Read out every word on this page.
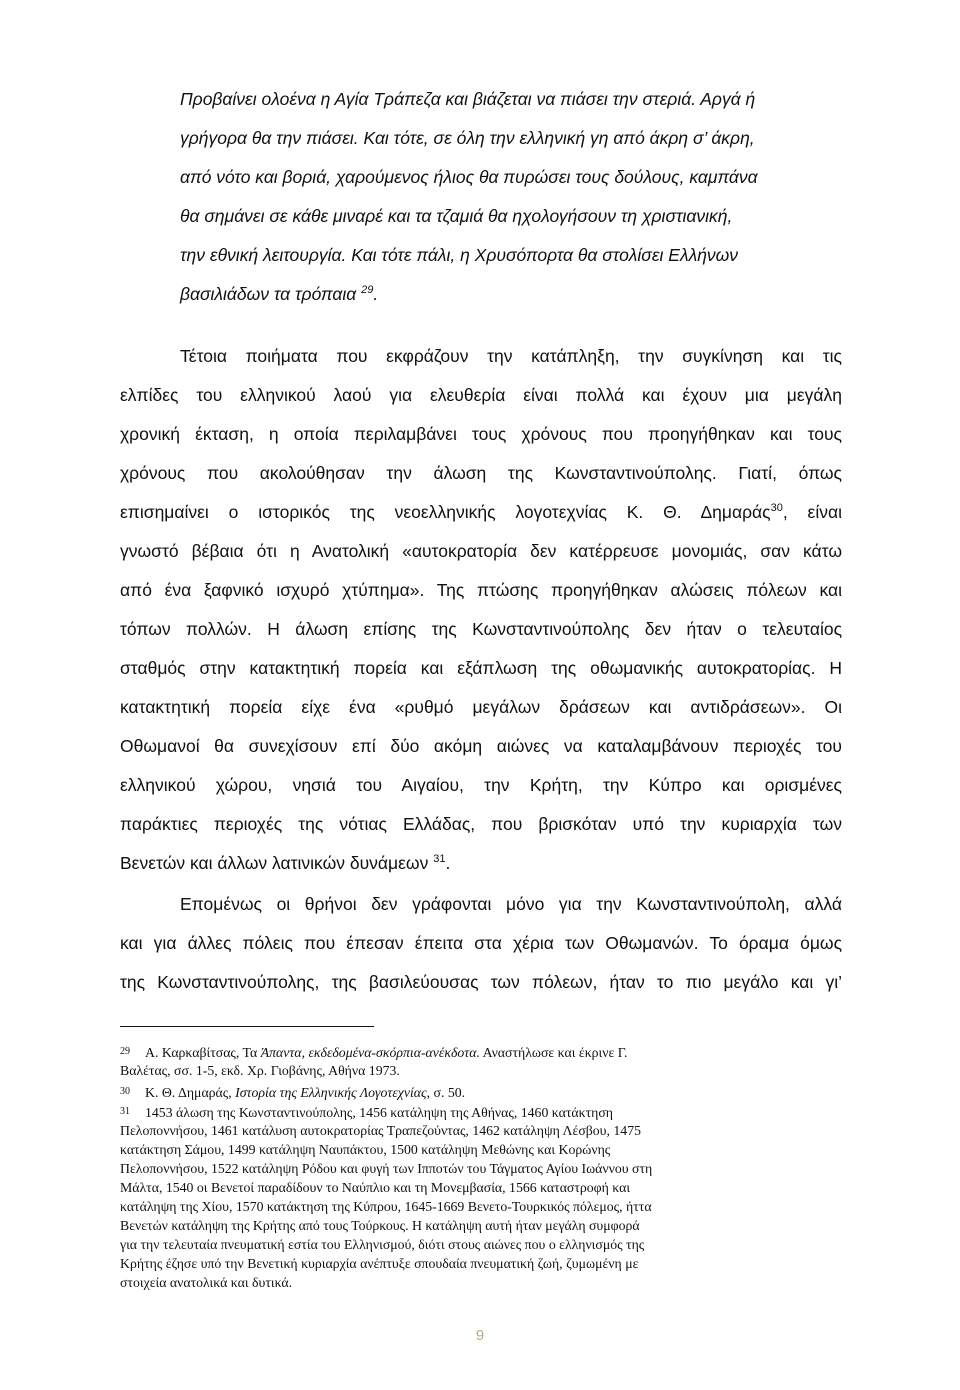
Προβαίνει ολοένα η Αγία Τράπεζα και βιάζεται να πιάσει την στεριά. Αργά ή
γρήγορα θα την πιάσει. Και τότε, σε όλη την ελληνική γη από άκρη σ’ άκρη,
από νότο και βοριά, χαρούμενος ήλιος θα πυρώσει τους δούλους, καμπάνα
θα σημάνει σε κάθε μιναρέ και τα τζαμιά θα ηχολογήσουν τη χριστιανική,
την εθνική λειτουργία. Και τότε πάλι, η Χρυσόπορτα θα στολίσει Ελλήνων
βασιλιάδων τα τρόπαια $^{29}$.
Τέτοια ποιήματα που εκφράζουν την κατάπληξη, την συγκίνηση και τις
ελπίδες του ελληνικού λαού για ελευθερία είναι πολλά και έχουν μια μεγάλη
χρονική έκταση, η οποία περιλαμβάνει τους χρόνους που προηγήθηκαν και τους
χρόνους που ακολούθησαν την άλωση της Κωνσταντινούπολης. Γιατί, όπως
επισημαίνει ο ιστορικός της νεοελληνικής λογοτεχνίας Κ. Θ. Δημαράς$^{30}$, είναι
γνωστό βέβαια ότι η Ανατολική «αυτοκρατορία δεν κατέρρευσε μονομιάς, σαν κάτω
από ένα ξαφνικό ισχυρό χτύπημα». Της πτώσης προηγήθηκαν αλώσεις πόλεων και
τόπων πολλών. Η άλωση επίσης της Κωνσταντινούπολης δεν ήταν ο τελευταίος
σταθμός στην κατακτητική πορεία και εξάπλωση της οθωμανικής αυτοκρατορίας. Η
κατακτητική πορεία είχε ένα «ρυθμό μεγάλων δράσεων και αντιδράσεων». Οι
Οθωμανοί θα συνεχίσουν επί δύο ακόμη αιώνες να καταλαμβάνουν περιοχές του
ελληνικού χώρου, νησιά του Αιγαίου, την Κρήτη, την Κύπρο και ορισμένες
παράκτιες περιοχές της νότιας Ελλάδας, που βρισκόταν υπό την κυριαρχία των
Βενετών και άλλων λατινικών δυνάμεων $^{31}$.
Επομένως οι θρήνοι δεν γράφονται μόνο για την Κωνσταντινούπολη, αλλά
και για άλλες πόλεις που έπεσαν έπειτα στα χέρια των Οθωμανών. Το όραμα όμως
της Κωνσταντινούπολης, της βασιλεύουσας των πόλεων, ήταν το πιο μεγάλο και γι’
29 Α. Καρκαβίτσας, Τα Άπαντα, εκδεδομένα-σκόρπια-ανέκδοτα. Αναστήλωσε και έκρινε Γ.
Βαλέτας, σσ. 1-5, εκδ. Χρ. Γιοβάνης, Αθήνα 1973.
30 Κ. Θ. Δημαράς, Ιστορία της Ελληνικής Λογοτεχνίας, σ. 50.
31 1453 άλωση της Κωνσταντινούπολης, 1456 κατάληψη της Αθήνας, 1460 κατάκτηση
Πελοποννήσου, 1461 κατάλυση αυτοκρατορίας Τραπεζούντας, 1462 κατάληψη Λέσβου, 1475
κατάκτηση Σάμου, 1499 κατάληψη Ναυπάκτου, 1500 κατάληψη Μεθώνης και Κορώνης
Πελοποννήσου, 1522 κατάληψη Ρόδου και φυγή των Ιπποτών του Τάγματος Αγίου Ιωάννου στη
Μάλτα, 1540 οι Βενετοί παραδίδουν το Ναύπλιο και τη Μονεμβασία, 1566 καταστροφή και
κατάληψη της Χίου, 1570 κατάκτηση της Κύπρου, 1645-1669 Βενετο-Τουρκικός πόλεμος, ήττα
Βενετών κατάληψη της Κρήτης από τους Τούρκους. Η κατάληψη αυτή ήταν μεγάλη συμφορά
για την τελευταία πνευματική εστία του Ελληνισμού, διότι στους αιώνες που ο ελληνισμός της
Κρήτης έζησε υπό την Βενετική κυριαρχία ανέπτυξε σπουδαία πνευματική ζωή, ζυμωμένη με
στοιχεία ανατολικά και δυτικά.
9
